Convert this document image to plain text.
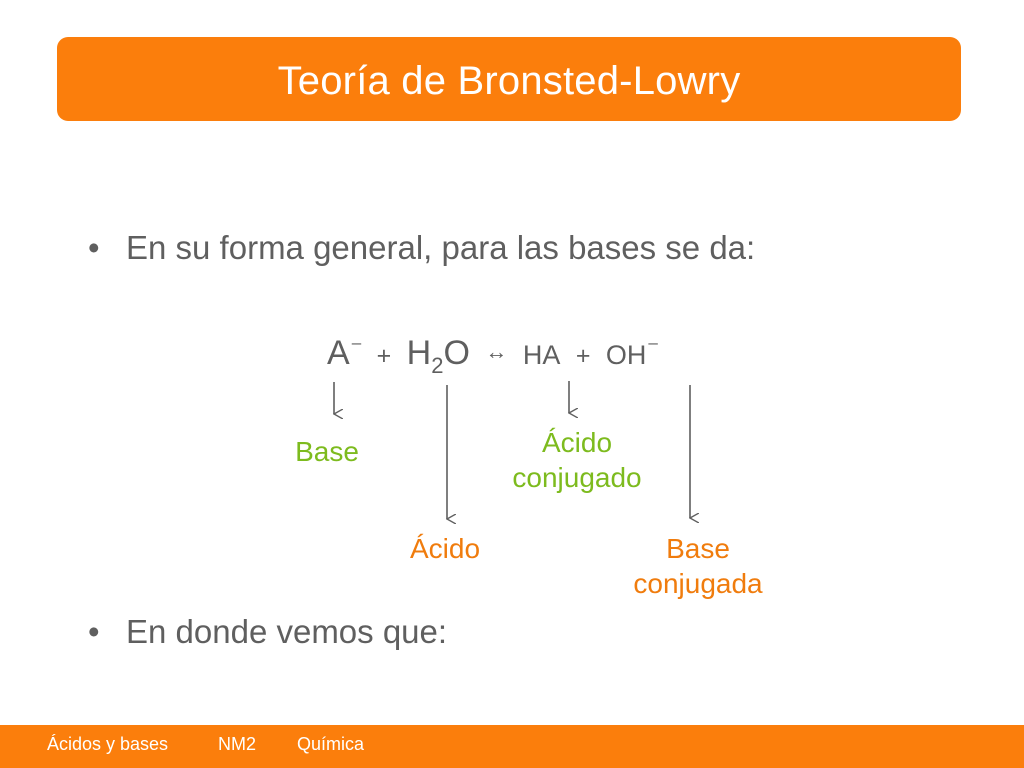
Teoría de Bronsted-Lowry
• En su forma general, para las bases se da:
A $^- + H_2O$ ↔ HA + OH –
Base	Ácido
conjugado
Ácido	Base
conjugada
• En donde vemos que:
Ácidos y bases	NM2 Química
